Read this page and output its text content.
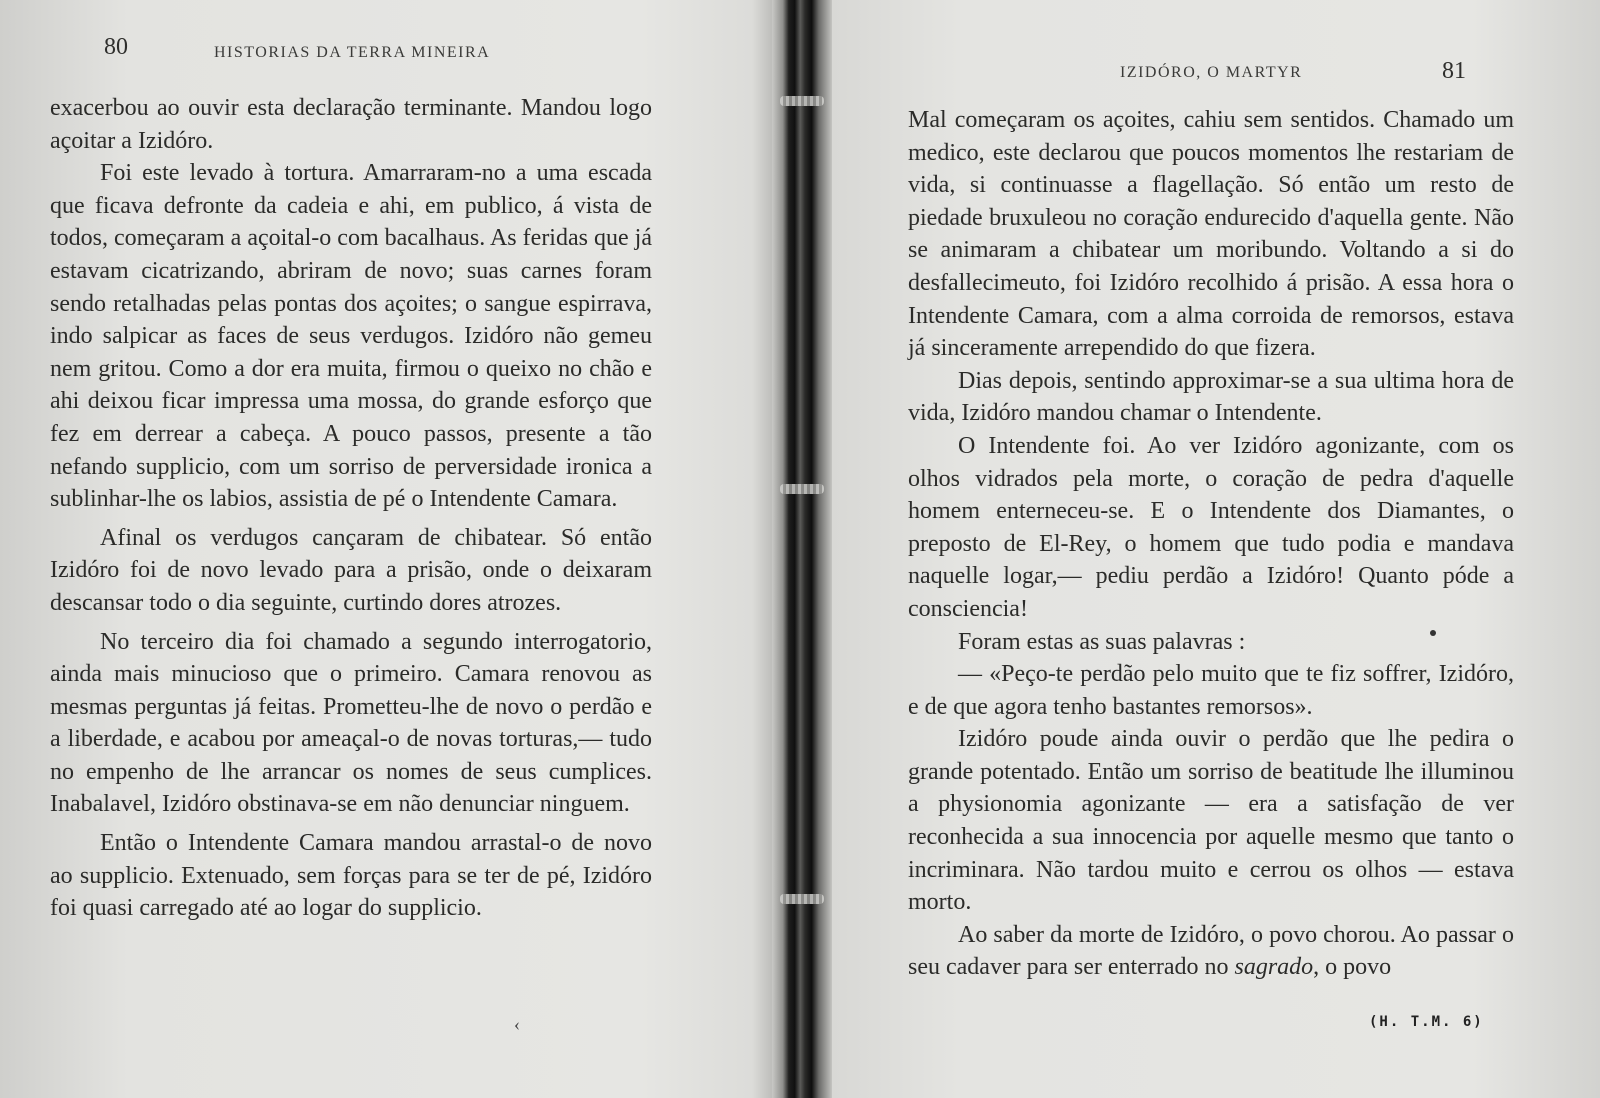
80	HISTORIAS DA TERRA MINEIRA

exacerbou ao ouvir esta declaração terminante. Mandou logo açoitar a Izidóro.

Foi este levado à tortura. Amarraram-no a uma escada que ficava defronte da cadeia e ahi, em publico, á vista de todos, começaram a açoital-o com bacalhaus. As feridas que já estavam cicatrizando, abriram de novo; suas carnes foram sendo retalhadas pelas pontas dos açoites; o sangue espirrava, indo salpicar as faces de seus verdugos. Izidóro não gemeu nem gritou. Como a dor era muita, firmou o queixo no chão e ahi deixou ficar impressa uma mossa, do grande esforço que fez em derrear a cabeça. A pouco passos, presente a tão nefando supplicio, com um sorriso de perversidade ironica a sublinhar-lhe os labios, assistia de pé o Intendente Camara.

Afinal os verdugos cançaram de chibatear. Só então Izidóro foi de novo levado para a prisão, onde o deixaram descansar todo o dia seguinte, curtindo dores atrozes.

No terceiro dia foi chamado a segundo interrogatorio, ainda mais minucioso que o primeiro. Camara renovou as mesmas perguntas já feitas. Prometteu-lhe de novo o perdão e a liberdade, e acabou por ameaçal-o de novas torturas,— tudo no empenho de lhe arrancar os nomes de seus cumplices. Inabalavel, Izidóro obstinava-se em não denunciar ninguem.

Então o Intendente Camara mandou arrastal-o de novo ao supplicio. Extenuado, sem forças para se ter de pé, Izidóro foi quasi carregado até ao logar do supplicio.

‹
IZIDÓRO, O MARTYR	81

Mal começaram os açoites, cahiu sem sentidos. Chamado um medico, este declarou que poucos momentos lhe restariam de vida, si continuasse a flagellação. Só então um resto de piedade bruxuleou no coração endurecido d'aquella gente. Não se animaram a chibatear um moribundo. Voltando a si do desfallecimeuto, foi Izidóro recolhido á prisão. A essa hora o Intendente Camara, com a alma corroida de remorsos, estava já sinceramente arrependido do que fizera.

Dias depois, sentindo approximar-se a sua ultima hora de vida, Izidóro mandou chamar o Intendente.

O Intendente foi. Ao ver Izidóro agonizante, com os olhos vidrados pela morte, o coração de pedra d'aquelle homem enterneceu-se. E o Intendente dos Diamantes, o preposto de El-Rey, o homem que tudo podia e mandava naquelle logar,— pediu perdão a Izidóro! Quanto póde a consciencia!

Foram estas as suas palavras :

— «Peço-te perdão pelo muito que te fiz soffrer, Izidóro, e de que agora tenho bastantes remorsos».

Izidóro poude ainda ouvir o perdão que lhe pedira o grande potentado. Então um sorriso de beatitude lhe illuminou a physionomia agonizante — era a satisfação de ver reconhecida a sua innocencia por aquelle mesmo que tanto o incriminara. Não tardou muito e cerrou os olhos — estava morto.

Ao saber da morte de Izidóro, o povo chorou. Ao passar o seu cadaver para ser enterrado no sagrado, o povo

(H. T.M. 6)
